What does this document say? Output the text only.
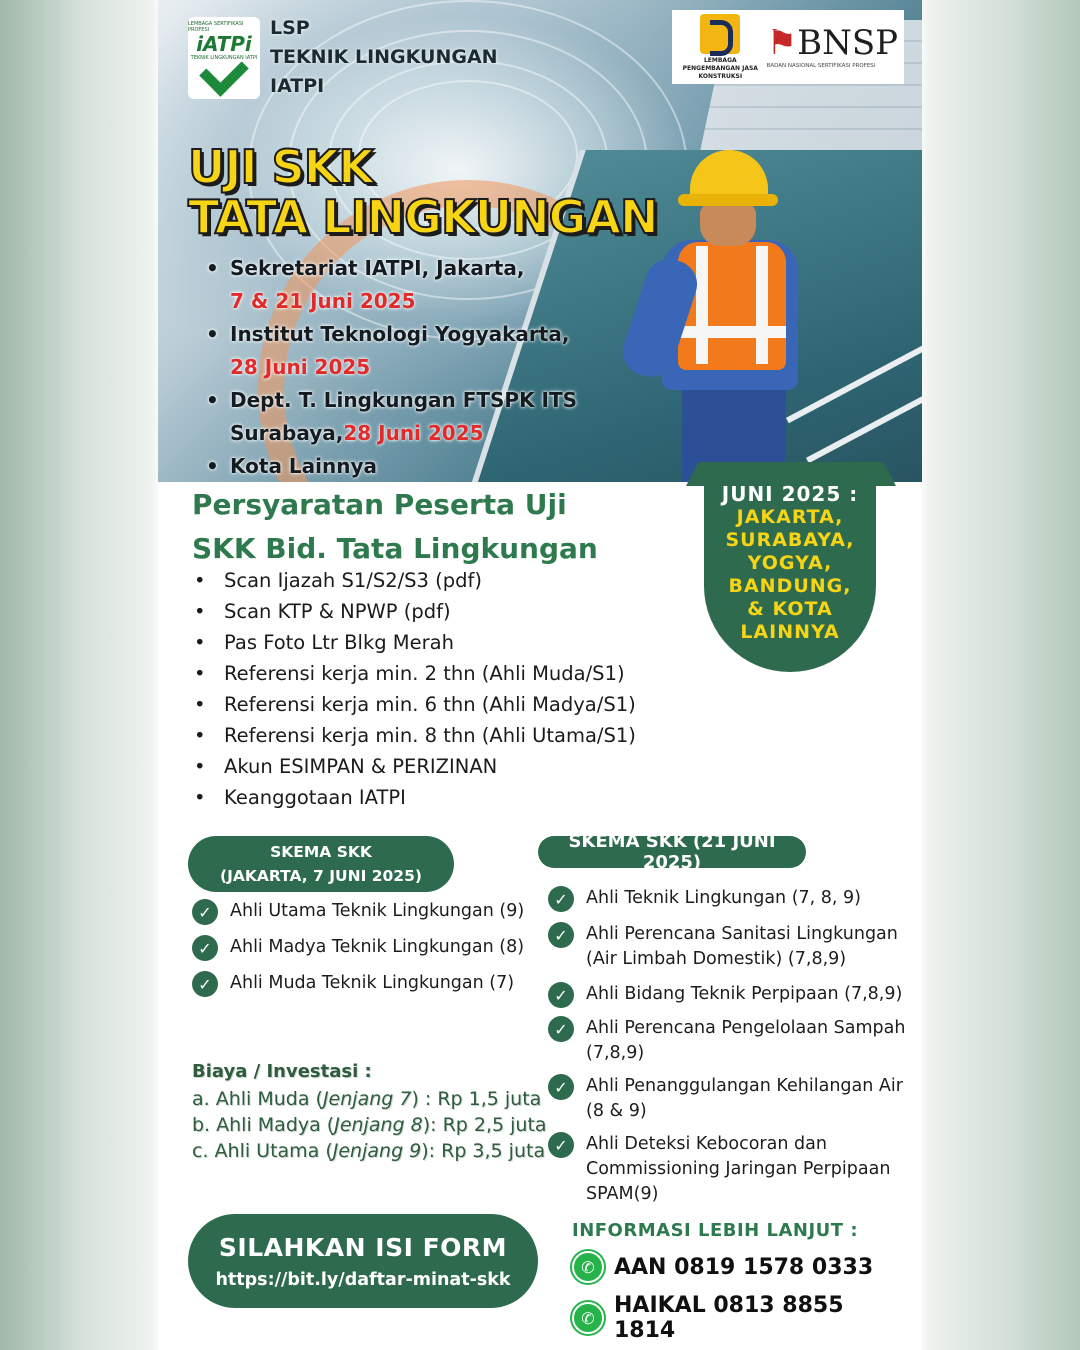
LEMBAGA SERTIFIKASI PROFESI
iATPi
TEKNIK LINGKUNGAN IATPI
LSP
TEKNIK LINGKUNGAN
IATPI
LEMBAGA PENGEMBANGAN JASA KONSTRUKSI
⚑BNSP
BADAN NASIONAL SERTIFIKASI PROFESI
UJI SKK
TATA LINGKUNGAN
• Sekretariat IATPI, Jakarta,
7 & 21 Juni 2025
• Institut Teknologi Yogyakarta,
28 Juni 2025
• Dept. T. Lingkungan FTSPK ITS
Surabaya, 28 Juni 2025
• Kota Lainnya
JUNI 2025 :
JAKARTA,
SURABAYA,
YOGYA,
BANDUNG,
& KOTA
LAINNYA
Persyaratan Peserta Uji
SKK Bid. Tata Lingkungan
• Scan Ijazah S1/S2/S3 (pdf)
• Scan KTP & NPWP (pdf)
• Pas Foto Ltr Blkg Merah
• Referensi kerja min. 2 thn (Ahli Muda/S1)
• Referensi kerja min. 6 thn (Ahli Madya/S1)
• Referensi kerja min. 8 thn (Ahli Utama/S1)
• Akun ESIMPAN & PERIZINAN
• Keanggotaan IATPI
SKEMA SKK
(JAKARTA, 7 JUNI 2025)
✓	Ahli Utama Teknik Lingkungan (9)
✓	Ahli Madya Teknik Lingkungan (8)
✓	Ahli Muda Teknik Lingkungan (7)
SKEMA SKK (21 JUNI 2025)
✓	Ahli Teknik Lingkungan (7, 8, 9)
✓	Ahli Perencana Sanitasi Lingkungan (Air Limbah Domestik) (7,8,9)
✓	Ahli Bidang Teknik Perpipaan (7,8,9)
✓	Ahli Perencana Pengelolaan Sampah (7,8,9)
✓	Ahli Penanggulangan Kehilangan Air (8 & 9)
✓	Ahli Deteksi Kebocoran dan Commissioning Jaringan Perpipaan SPAM(9)
Biaya / Investasi :
a. Ahli Muda (Jenjang 7) : Rp 1,5 juta
b. Ahli Madya (Jenjang 8): Rp 2,5 juta
c. Ahli Utama (Jenjang 9): Rp 3,5 juta
SILAHKAN ISI FORM
https://bit.ly/daftar-minat-skk
INFORMASI LEBIH LANJUT :
✆ AAN 0819 1578 0333
✆ HAIKAL 0813 8855 1814
